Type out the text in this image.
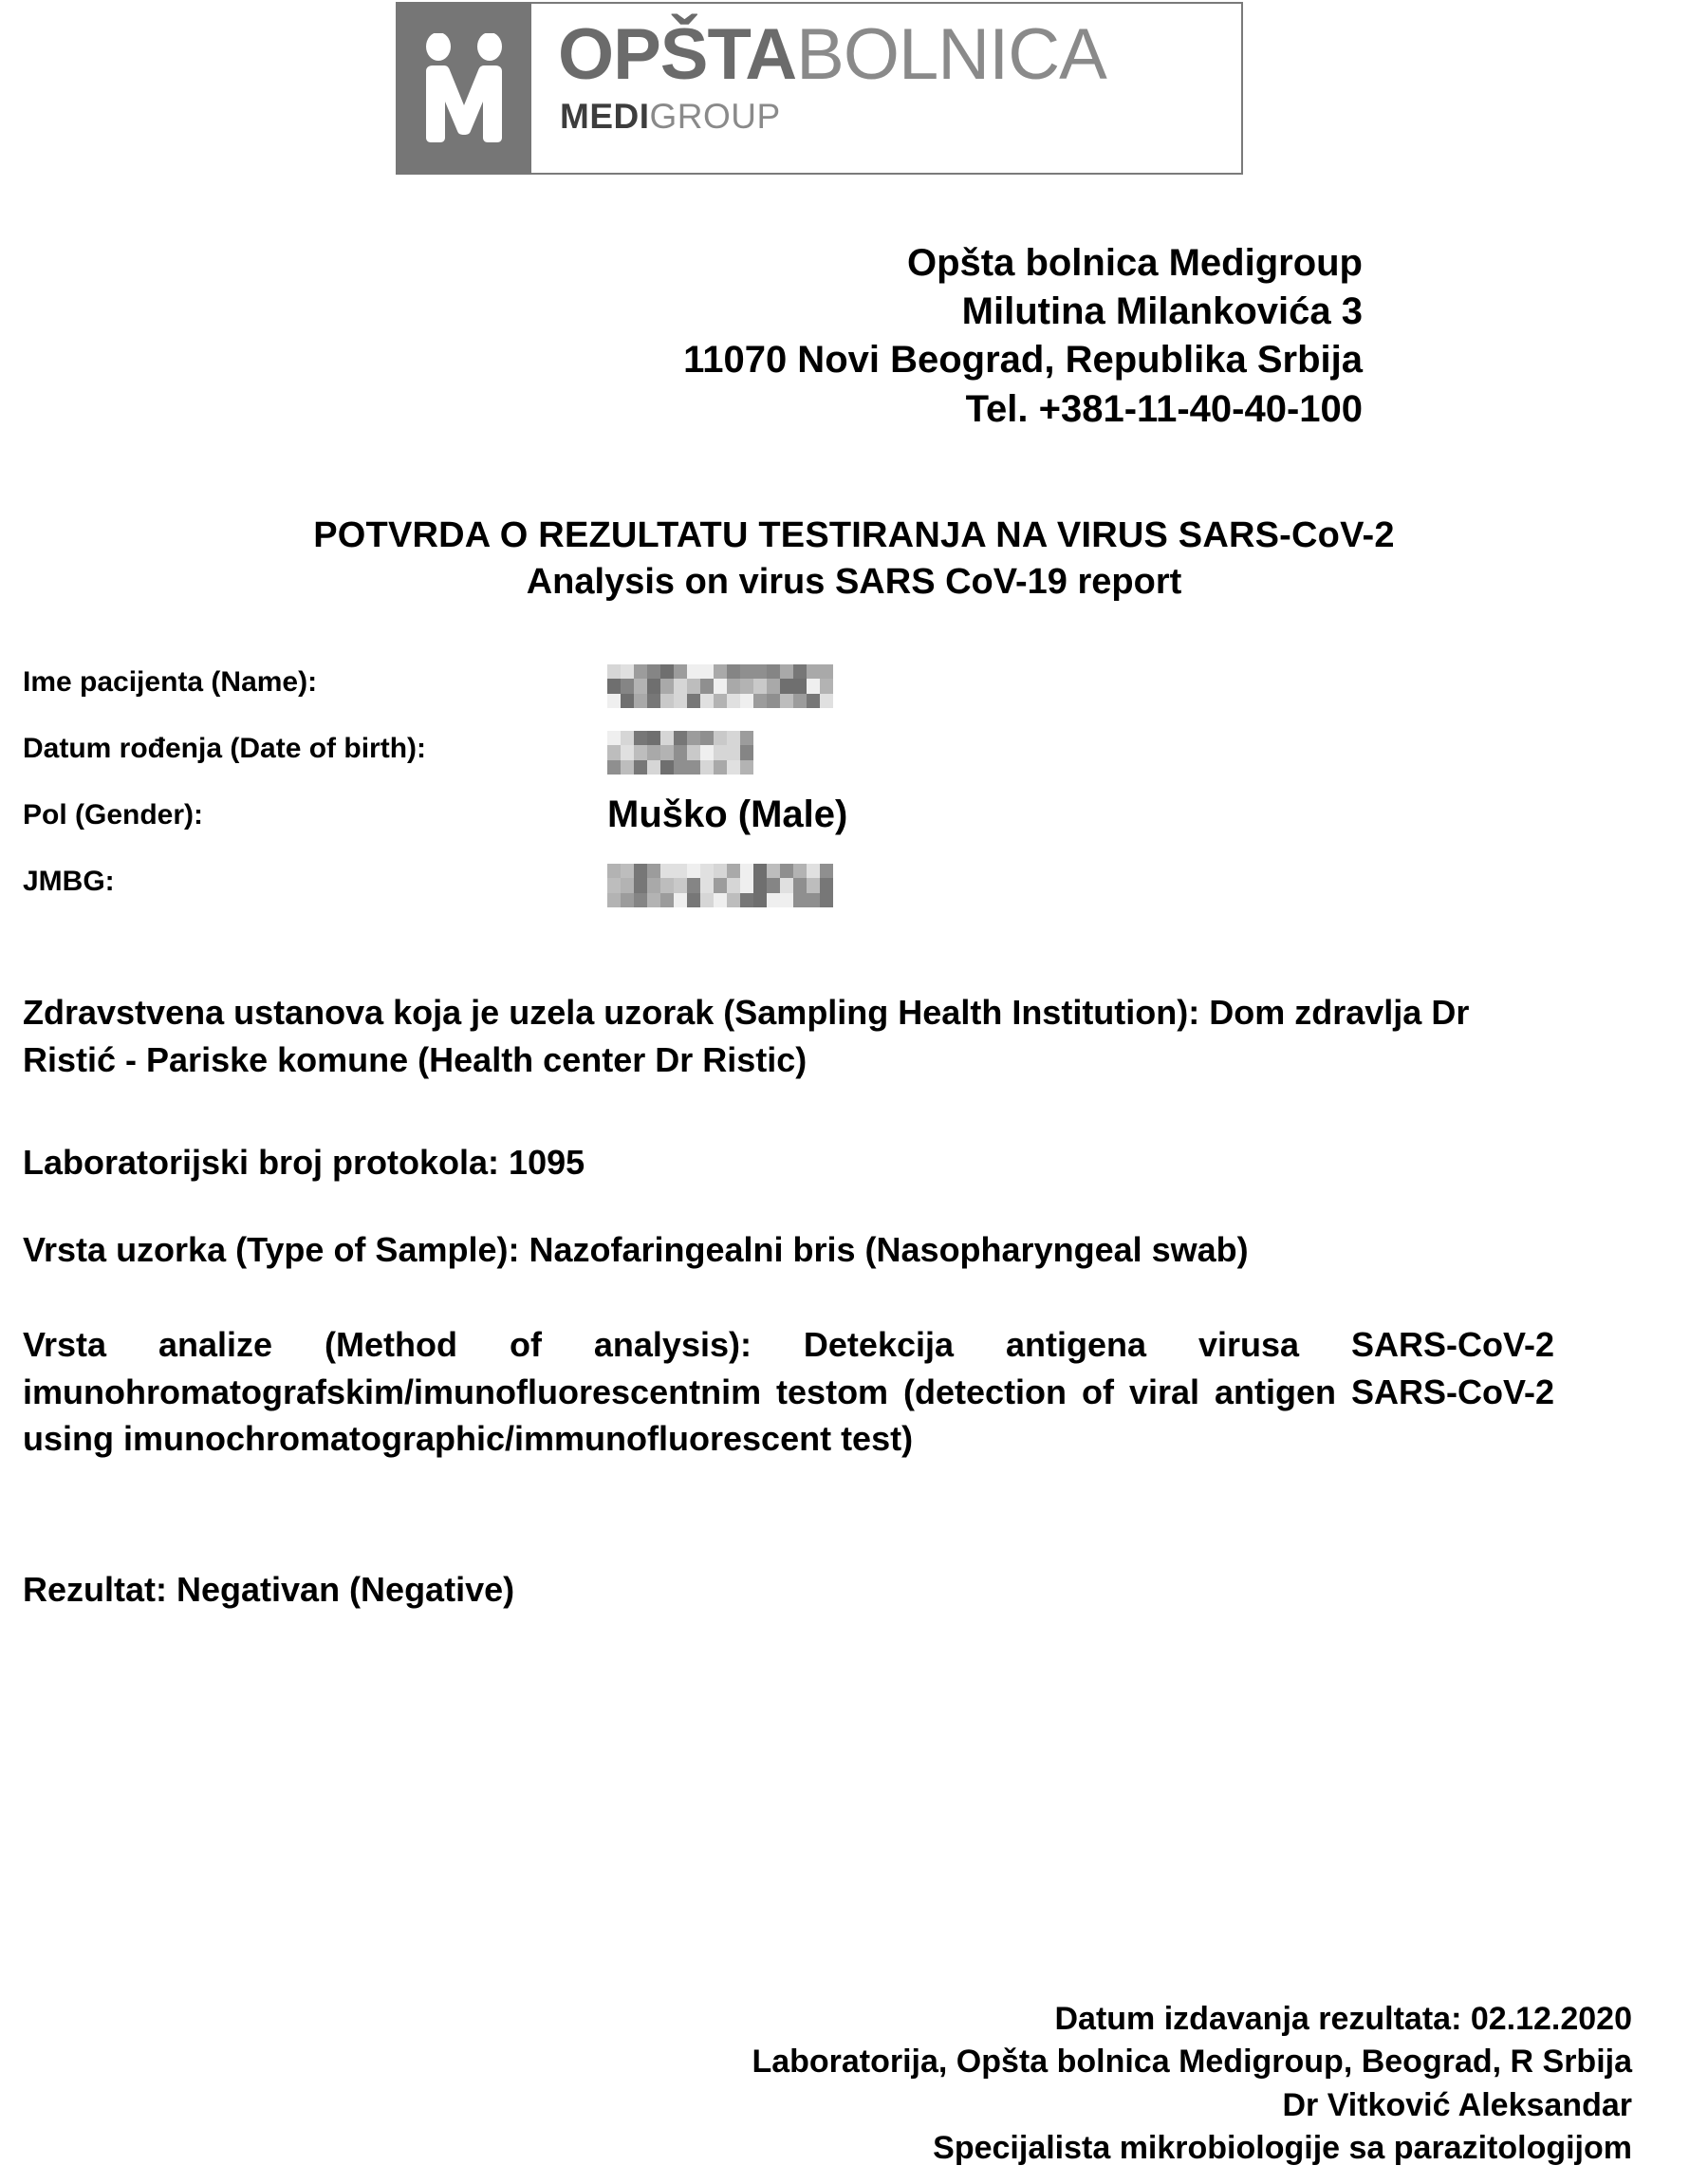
OPŠTABOLNICA
MEDIGROUP
Opšta bolnica Medigroup
Milutina Milankovića 3
11070 Novi Beograd, Republika Srbija
Tel. +381-11-40-40-100
POTVRDA O REZULTATU TESTIRANJA NA VIRUS SARS-CoV-2
Analysis on virus SARS CoV-19 report
Ime pacijenta (Name):
Datum rođenja (Date of birth):
Pol (Gender):	Muško (Male)
JMBG:
Zdravstvena ustanova koja je uzela uzorak (Sampling Health Institution): Dom zdravlja Dr Ristić - Pariske komune (Health center Dr Ristic)
Laboratorijski broj protokola: 1095
Vrsta uzorka (Type of Sample): Nazofaringealni bris (Nasopharyngeal swab)
Vrsta analize (Method of analysis): Detekcija antigena virusa SARS-CoV-2 imunohromatografskim/imunofluorescentnim testom (detection of viral antigen SARS-CoV-2 using imunochromatographic/immunofluorescent test)
Rezultat: Negativan (Negative)
Datum izdavanja rezultata: 02.12.2020
Laboratorija, Opšta bolnica Medigroup, Beograd, R Srbija
Dr Vitković Aleksandar
Specijalista mikrobiologije sa parazitologijom
